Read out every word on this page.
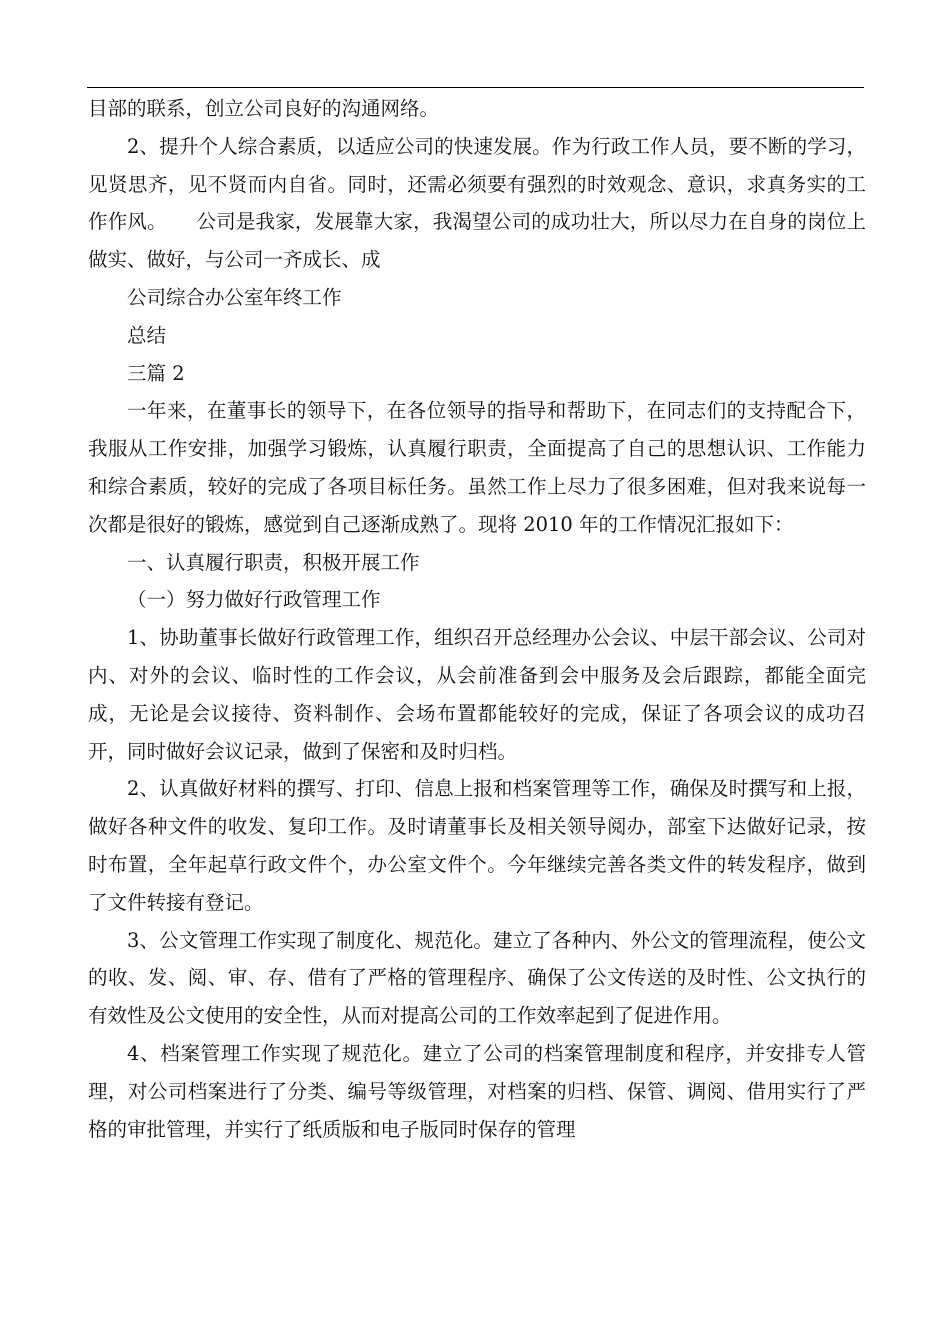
目部的联系，创立公司良好的沟通网络。

2、提升个人综合素质，以适应公司的快速发展。作为行政工作人员，要不断的学习，见贤思齐，见不贤而内自省。同时，还需必须要有强烈的时效观念、意识，求真务实的工作作风。　　公司是我家，发展靠大家，我渴望公司的成功壮大，所以尽力在自身的岗位上做实、做好，与公司一齐成长、成

公司综合办公室年终工作

总结

三篇 2

一年来，在董事长的领导下，在各位领导的指导和帮助下，在同志们的支持配合下，我服从工作安排，加强学习锻炼，认真履行职责，全面提高了自己的思想认识、工作能力和综合素质，较好的完成了各项目标任务。虽然工作上尽力了很多困难，但对我来说每一次都是很好的锻炼，感觉到自己逐渐成熟了。现将 2010 年的工作情况汇报如下：

一、认真履行职责，积极开展工作

（一）努力做好行政管理工作

1、协助董事长做好行政管理工作，组织召开总经理办公会议、中层干部会议、公司对内、对外的会议、临时性的工作会议，从会前准备到会中服务及会后跟踪，都能全面完成，无论是会议接待、资料制作、会场布置都能较好的完成，保证了各项会议的成功召开，同时做好会议记录，做到了保密和及时归档。

2、认真做好材料的撰写、打印、信息上报和档案管理等工作，确保及时撰写和上报，做好各种文件的收发、复印工作。及时请董事长及相关领导阅办，部室下达做好记录，按时布置，全年起草行政文件个，办公室文件个。今年继续完善各类文件的转发程序，做到了文件转接有登记。

3、公文管理工作实现了制度化、规范化。建立了各种内、外公文的管理流程，使公文的收、发、阅、审、存、借有了严格的管理程序、确保了公文传送的及时性、公文执行的有效性及公文使用的安全性，从而对提高公司的工作效率起到了促进作用。

4、档案管理工作实现了规范化。建立了公司的档案管理制度和程序，并安排专人管理，对公司档案进行了分类、编号等级管理，对档案的归档、保管、调阅、借用实行了严格的审批管理，并实行了纸质版和电子版同时保存的管理
